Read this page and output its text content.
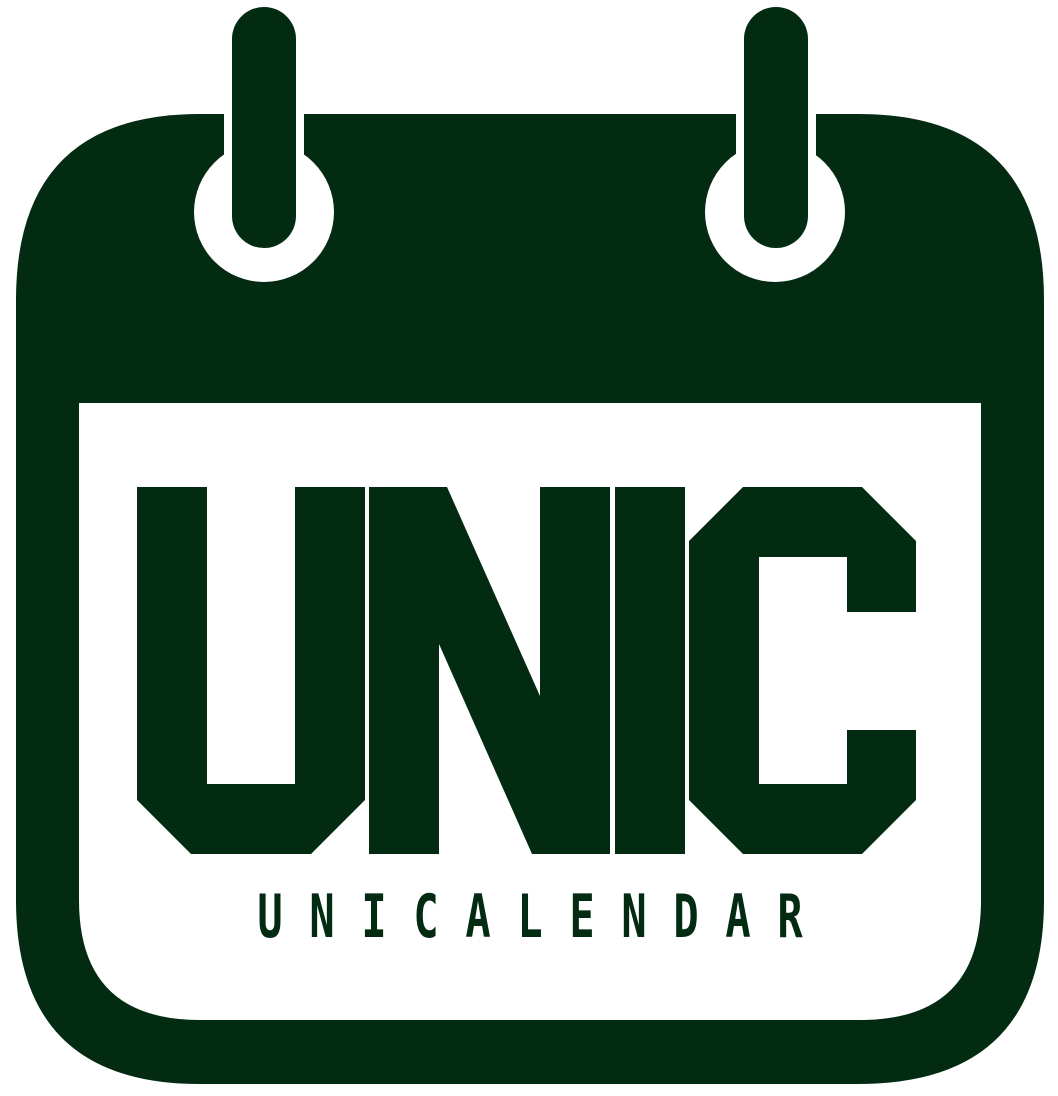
U N I C A L E N D A R
